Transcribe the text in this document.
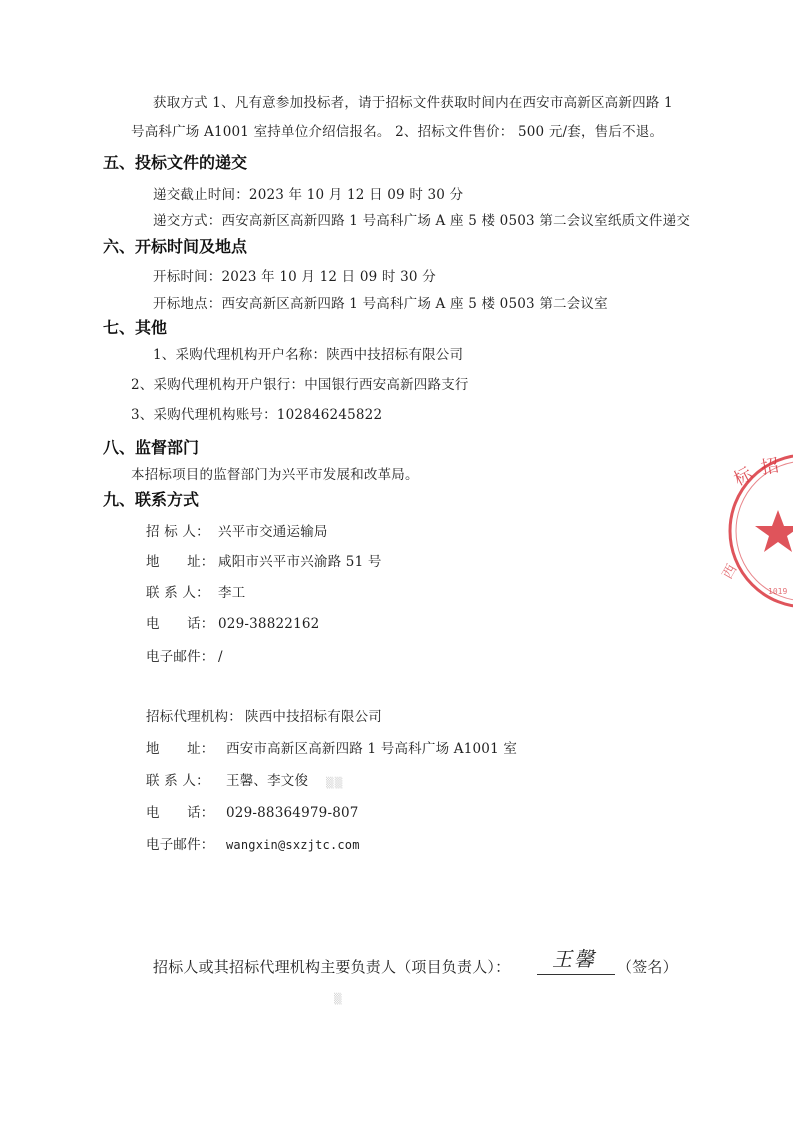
获取方式 1、凡有意参加投标者，请于招标文件获取时间内在西安市高新区高新四路 1
号高科广场 A1001 室持单位介绍信报名。 2、招标文件售价： 500 元/套，售后不退。
五、投标文件的递交
递交截止时间：2023 年 10 月 12 日 09 时 30 分
递交方式：西安高新区高新四路 1 号高科广场 A 座 5 楼 0503 第二会议室纸质文件递交
六、开标时间及地点
开标时间：2023 年 10 月 12 日 09 时 30 分
开标地点：西安高新区高新四路 1 号高科广场 A 座 5 楼 0503 第二会议室
七、其他
1、采购代理机构开户名称：陕西中技招标有限公司
2、采购代理机构开户银行：中国银行西安高新四路支行
3、采购代理机构账号：102846245822
八、监督部门
本招标项目的监督部门为兴平市发展和改革局。
九、联系方式
招 标 人： 兴平市交通运输局
地　　址： 咸阳市兴平市兴渝路 51 号
联 系 人： 李工
电　　话： 029-38822162
电子邮件： /
招标代理机构： 陕西中技招标有限公司
地　　址： 西安市高新区高新四路 1 号高科广场 A1001 室
联 系 人： 王馨、李文俊 ▒▒
电　　话： 029-88364979-807
电子邮件： wangxin@sxzjtc.com
招标人或其招标代理机构主要负责人（项目负责人）： 王馨 （签名）
▒
标 招
西
1019
